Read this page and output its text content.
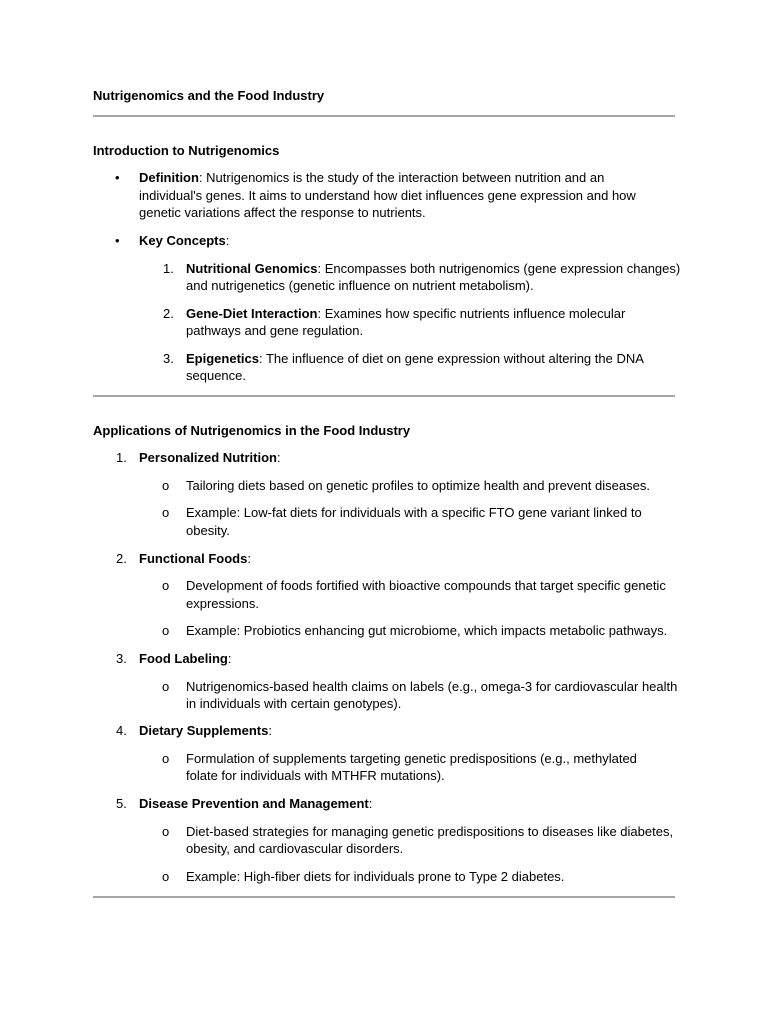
Nutrigenomics and the Food Industry
Introduction to Nutrigenomics
• Definition: Nutrigenomics is the study of the interaction between nutrition and an
individual's genes. It aims to understand how diet influences gene expression and how
genetic variations affect the response to nutrients.
• Key Concepts:
1. Nutritional Genomics: Encompasses both nutrigenomics (gene expression changes)
and nutrigenetics (genetic influence on nutrient metabolism).
2. Gene-Diet Interaction: Examines how specific nutrients influence molecular
pathways and gene regulation.
3. Epigenetics: The influence of diet on gene expression without altering the DNA
sequence.
Applications of Nutrigenomics in the Food Industry
1. Personalized Nutrition:
o Tailoring diets based on genetic profiles to optimize health and prevent diseases.
o Example: Low-fat diets for individuals with a specific FTO gene variant linked to
obesity.
2. Functional Foods:
o Development of foods fortified with bioactive compounds that target specific genetic
expressions.
o Example: Probiotics enhancing gut microbiome, which impacts metabolic pathways.
3. Food Labeling:
o Nutrigenomics-based health claims on labels (e.g., omega-3 for cardiovascular health
in individuals with certain genotypes).
4. Dietary Supplements:
o Formulation of supplements targeting genetic predispositions (e.g., methylated
folate for individuals with MTHFR mutations).
5. Disease Prevention and Management:
o Diet-based strategies for managing genetic predispositions to diseases like diabetes,
obesity, and cardiovascular disorders.
o Example: High-fiber diets for individuals prone to Type 2 diabetes.
